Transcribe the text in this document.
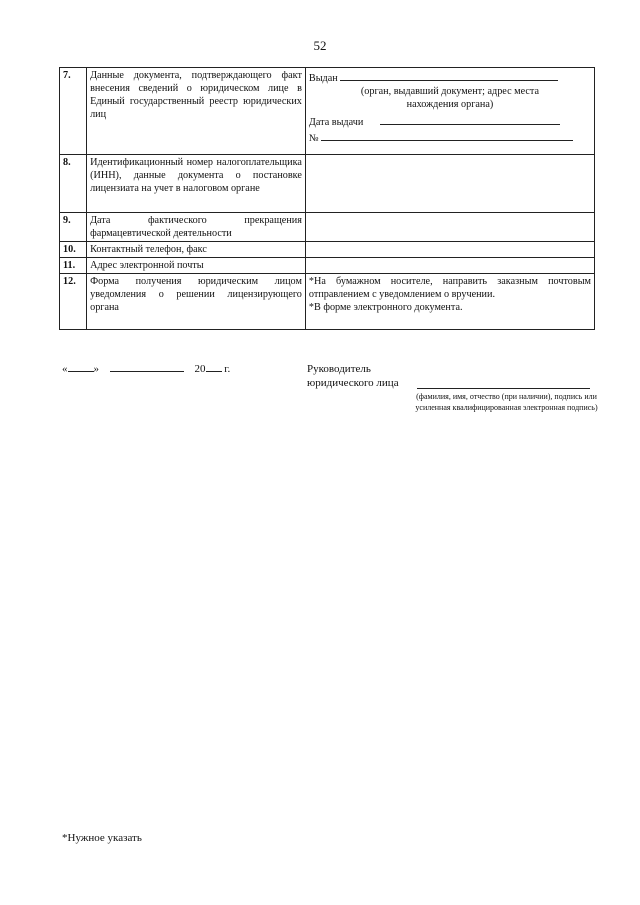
52
7.	Данные документа, подтверждающего факт внесения сведений о юридическом лице в Единый государственный реестр юридических лиц	Выдан
(орган, выдавший документ; адрес места нахождения органа)
Дата выдачи
№

8.	Идентификационный номер налогоплательщика (ИНН), данные документа о постановке лицензиата на учет в налоговом органе	
9.	Дата фактического прекращения фармацевтической деятельности	
10.	Контактный телефон, факс	
11.	Адрес электронной почты	
12.	Форма получения юридическим лицом уведомления о решении лицензирующего органа	*На бумажном носителе, направить заказным почтовым отправлением с уведомлением о вручении.
*В форме электронного документа.
« »	20 г.	Руководитель
юридического лица
(фамилия, имя, отчество (при наличии), подпись или усиленная квалифицированная электронная подпись)
*Нужное указать
